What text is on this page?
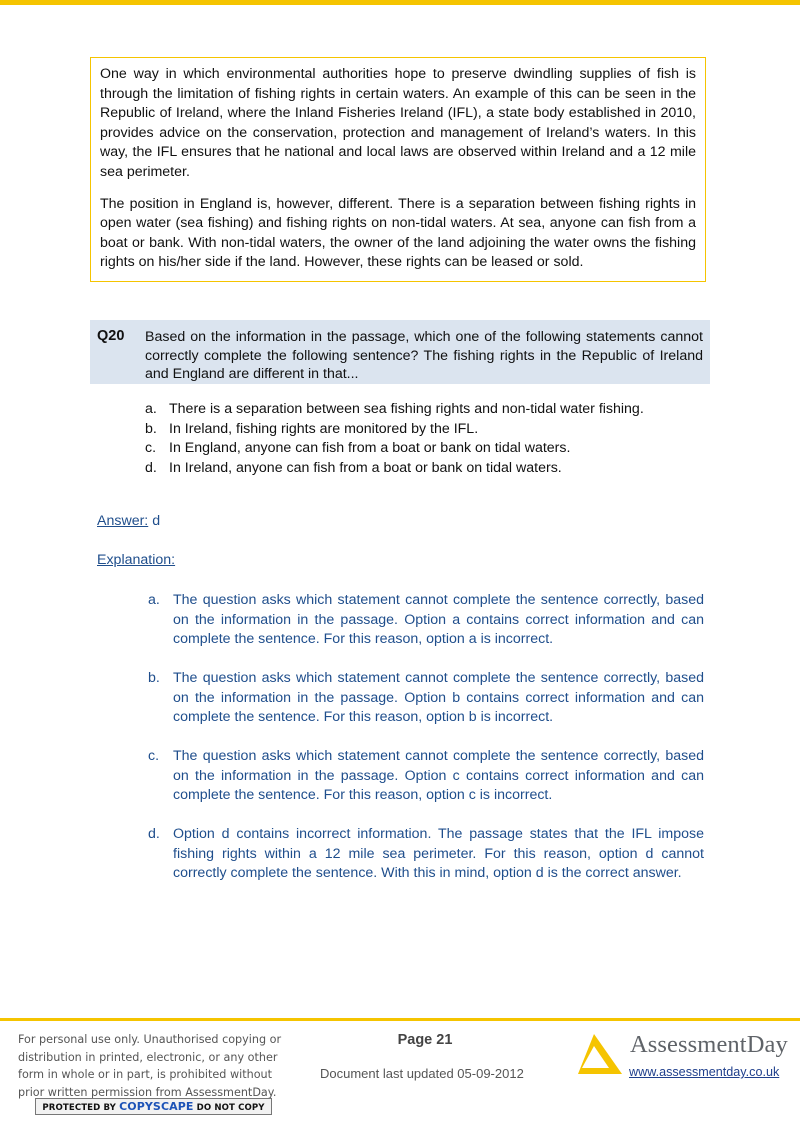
One way in which environmental authorities hope to preserve dwindling supplies of fish is through the limitation of fishing rights in certain waters. An example of this can be seen in the Republic of Ireland, where the Inland Fisheries Ireland (IFL), a state body established in 2010, provides advice on the conservation, protection and management of Ireland’s waters. In this way, the IFL ensures that he national and local laws are observed within Ireland and a 12 mile sea perimeter.

The position in England is, however, different. There is a separation between fishing rights in open water (sea fishing) and fishing rights on non-tidal waters. At sea, anyone can fish from a boat or bank. With non-tidal waters, the owner of the land adjoining the water owns the fishing rights on his/her side if the land. However, these rights can be leased or sold.

Q20 Based on the information in the passage, which one of the following statements cannot correctly complete the following sentence? The fishing rights in the Republic of Ireland and England are different in that...
a. There is a separation between sea fishing rights and non-tidal water fishing.
b. In Ireland, fishing rights are monitored by the IFL.
c. In England, anyone can fish from a boat or bank on tidal waters.
d. In Ireland, anyone can fish from a boat or bank on tidal waters.
Answer: d
Explanation:
a. The question asks which statement cannot complete the sentence correctly, based on the information in the passage. Option a contains correct information and can complete the sentence. For this reason, option a is incorrect.
b. The question asks which statement cannot complete the sentence correctly, based on the information in the passage. Option b contains correct information and can complete the sentence. For this reason, option b is incorrect.
c. The question asks which statement cannot complete the sentence correctly, based on the information in the passage. Option c contains correct information and can complete the sentence. For this reason, option c is incorrect.
d. Option d contains incorrect information. The passage states that the IFL impose fishing rights within a 12 mile sea perimeter. For this reason, option d cannot correctly complete the sentence. With this in mind, option d is the correct answer.
For personal use only. Unauthorised copying or
distribution in printed, electronic, or any other
form in whole or in part, is prohibited without
prior written permission from AssessmentDay.
PROTECTED BY COPYSCAPE DO NOT COPY
Page 21
Document last updated 05-09-2012
AssessmentDay
www.assessmentday.co.uk
